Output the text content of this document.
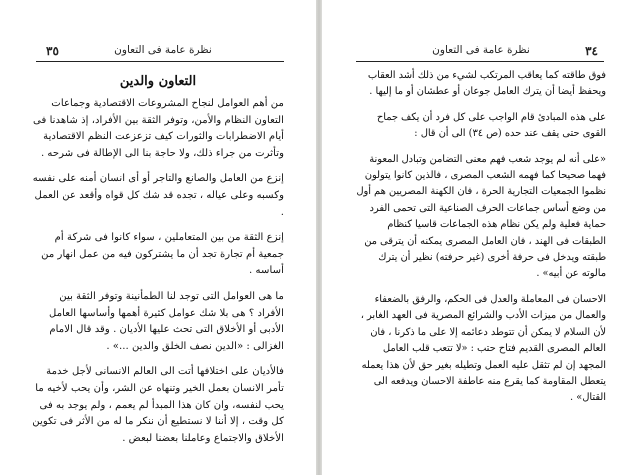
٣٥	نظرة عامة فى التعاون
التعاون والدين

من أهم العوامل لنجاح المشروعات الاقتصادية وجماعات التعاون النظام والأمن، وتوفر الثقة بين الأفراد، إذ شاهدنا فى أيام الاضطرابات والثورات كيف تزعزعت النظم الاقتصادية وتأثرت من جراء ذلك، ولا حاجة بنا الى الإطالة فى شرحه .

إنزع من العامل والصانع والتاجر أو أى انسان أمنه على نفسه وكسبه وعلى عياله ، تجده قد شك كل قواه وأقعد عن العمل .

إنزع الثقة من بين المتعاملين ، سواء كانوا فى شركة أم جمعية أم تجارة تجد أن ما يشتركون فيه من عمل انهار من أساسه .

ما هى العوامل التى توجد لنا الطمأنينة وتوفر الثقة بين الأفراد ؟ هى بلا شك عوامل كثيرة أهمها وأساسها العامل الأدبى أو الأخلاق التى تحث عليها الأديان . وقد قال الامام الغزالى : «الدين نصف الخلق والدين ...» .

فالأديان على اختلافها أتت الى العالم الانسانى لأجل خدمة تأمر الانسان بعمل الخير وتنهاه عن الشر، وأن يحب لأخيه ما يحب لنفسه، وان كان هذا المبدأ لم يعمم ، ولم يوجد به فى كل وقت ، إلا أننا لا نستطيع أن ننكر ما له من الأثر فى تكوين الأخلاق والاجتماع وعاملنا بعضنا لبعض .

نظرة عامة فى التعاون	٣٤

فوق طاقته كما يعاقب المرتكب لشيء من ذلك أشد العقاب ويحفظ أيضا أن يترك العامل جوعان أو عطشان أو ما إليها .

على هذه المبادئ قام الواجب على كل فرد أن يكف جماح القوى حتى يقف عند حده (ص ٣٤) الى أن قال :

«على أنه لم يوجد شعب فهم معنى التضامن وتبادل المعونة فهما صحيحا كما فهمه الشعب المصرى ، فالذين كانوا يتولون نظموا الجمعيات التجارية الحرة ، فان الكهنة المصريين هم أول من وضع أساس جماعات الحرف الصناعية التى تحمى الفرد حماية فعلية ولم يكن نظام هذه الجماعات قاسيا كنظام الطبقات فى الهند ، فان العامل المصرى يمكنه أن يترقى من طبقته ويدخل فى حرفة أخرى (غير حرفته) نظير أن يترك مالوته عن أبيه» .

الاحسان فى المعاملة والعدل فى الحكم، والرفق بالضعفاء والعمال من ميزات الأدب والشرائع المصرية فى العهد الغابر ، لأن السلام لا يمكن أن تتوطد دعائمه إلا على ما ذكرنا ، فان العالم المصرى القديم فتاح حتب : «لا تتعب قلب العامل المجهد إن لم تثقل عليه العمل وتطيله بغير حق لأن هذا يعمله يتعطل المقاومة كما يقرع منه عاطفة الاحسان ويدفعه الى القتال» .
